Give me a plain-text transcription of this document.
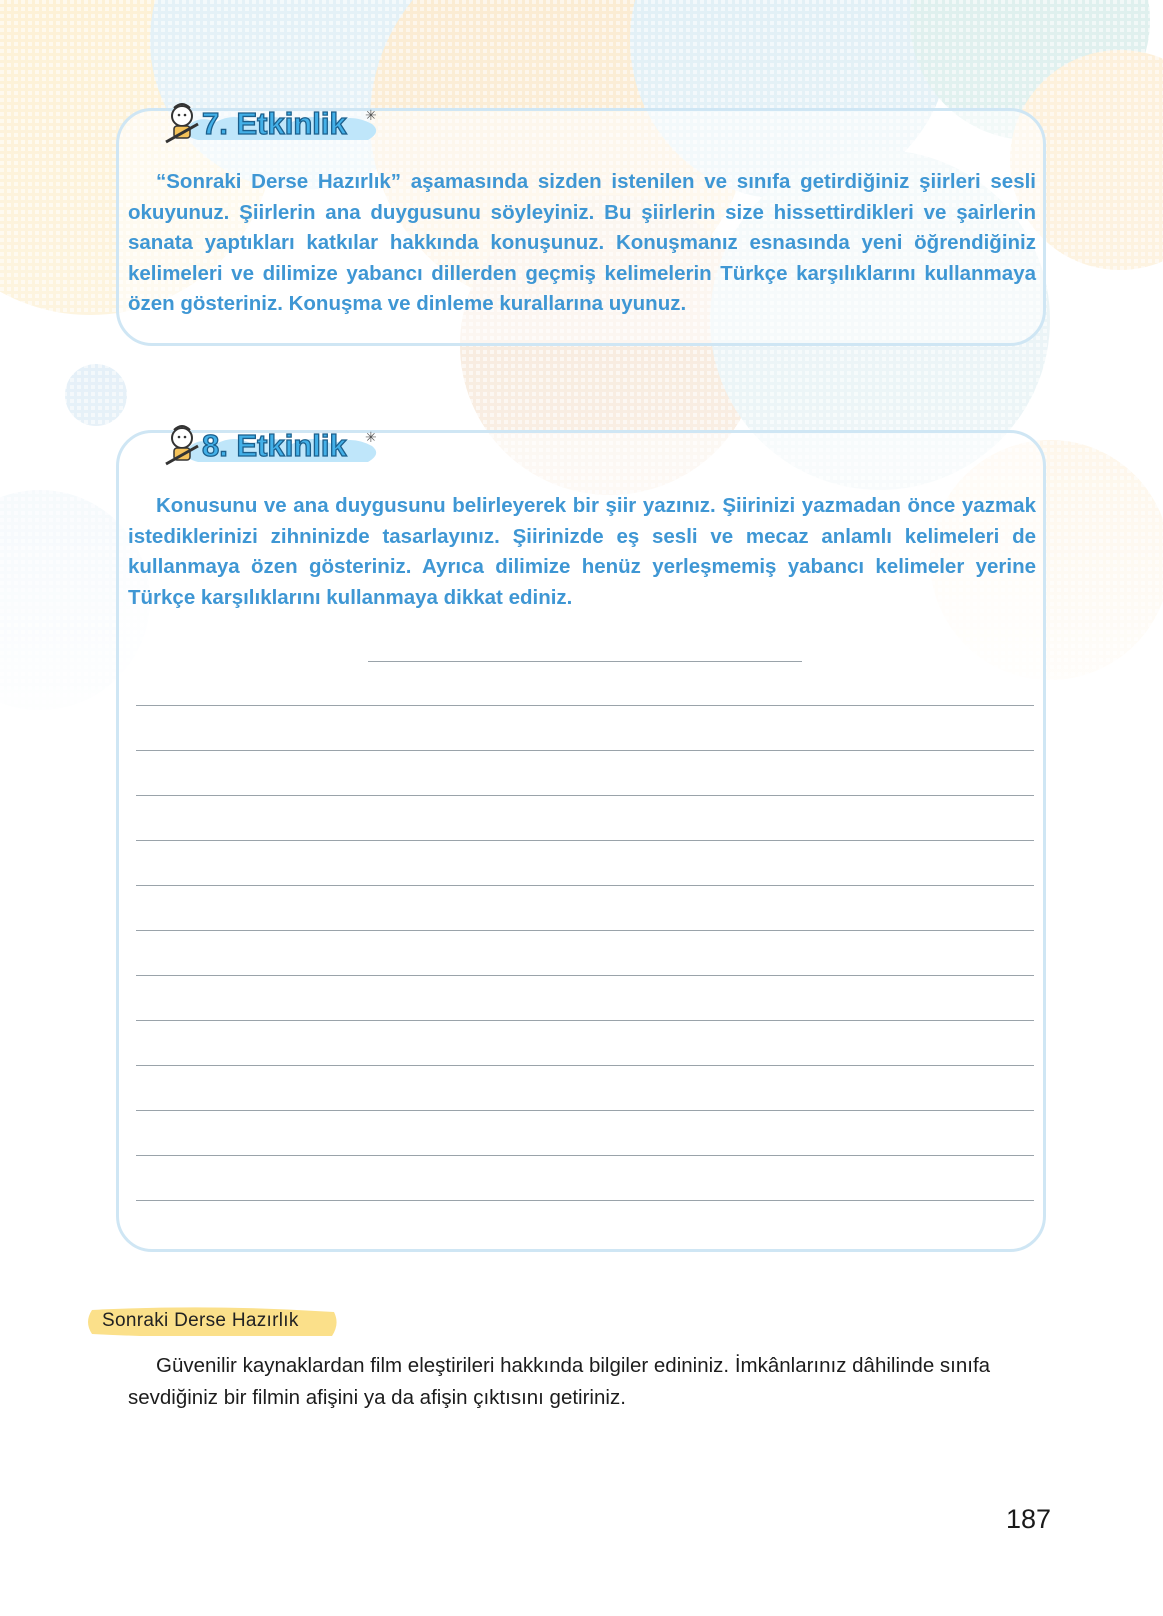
7. Etkinlik ✳

“Sonraki Derse Hazırlık” aşamasında sizden istenilen ve sınıfa getirdiğiniz şiirleri sesli okuyunuz. Şiirlerin ana duygusunu söyleyiniz. Bu şiirlerin size hissettirdikleri ve şairlerin sanata yaptıkları katkılar hakkında konuşunuz. Konuşmanız esnasında yeni öğrendiğiniz kelimeleri ve dilimize yabancı dillerden geçmiş kelimelerin Türkçe karşılıklarını kullanmaya özen gösteriniz. Konuşma ve dinleme kurallarına uyunuz.

8. Etkinlik ✳

Konusunu ve ana duygusunu belirleyerek bir şiir yazınız. Şiirinizi yazmadan önce yazmak istediklerinizi zihninizde tasarlayınız. Şiirinizde eş sesli ve mecaz anlamlı kelimeleri de kullanmaya özen gösteriniz. Ayrıca dilimize henüz yerleşmemiş yabancı kelimeler yerine Türkçe karşılıklarını kullanmaya dikkat ediniz.

Sonraki Derse Hazırlık

Güvenilir kaynaklardan film eleştirileri hakkında bilgiler edininiz. İmkânlarınız dâhilinde sınıfa sevdiğiniz bir filmin afişini ya da afişin çıktısını getiriniz.

187
